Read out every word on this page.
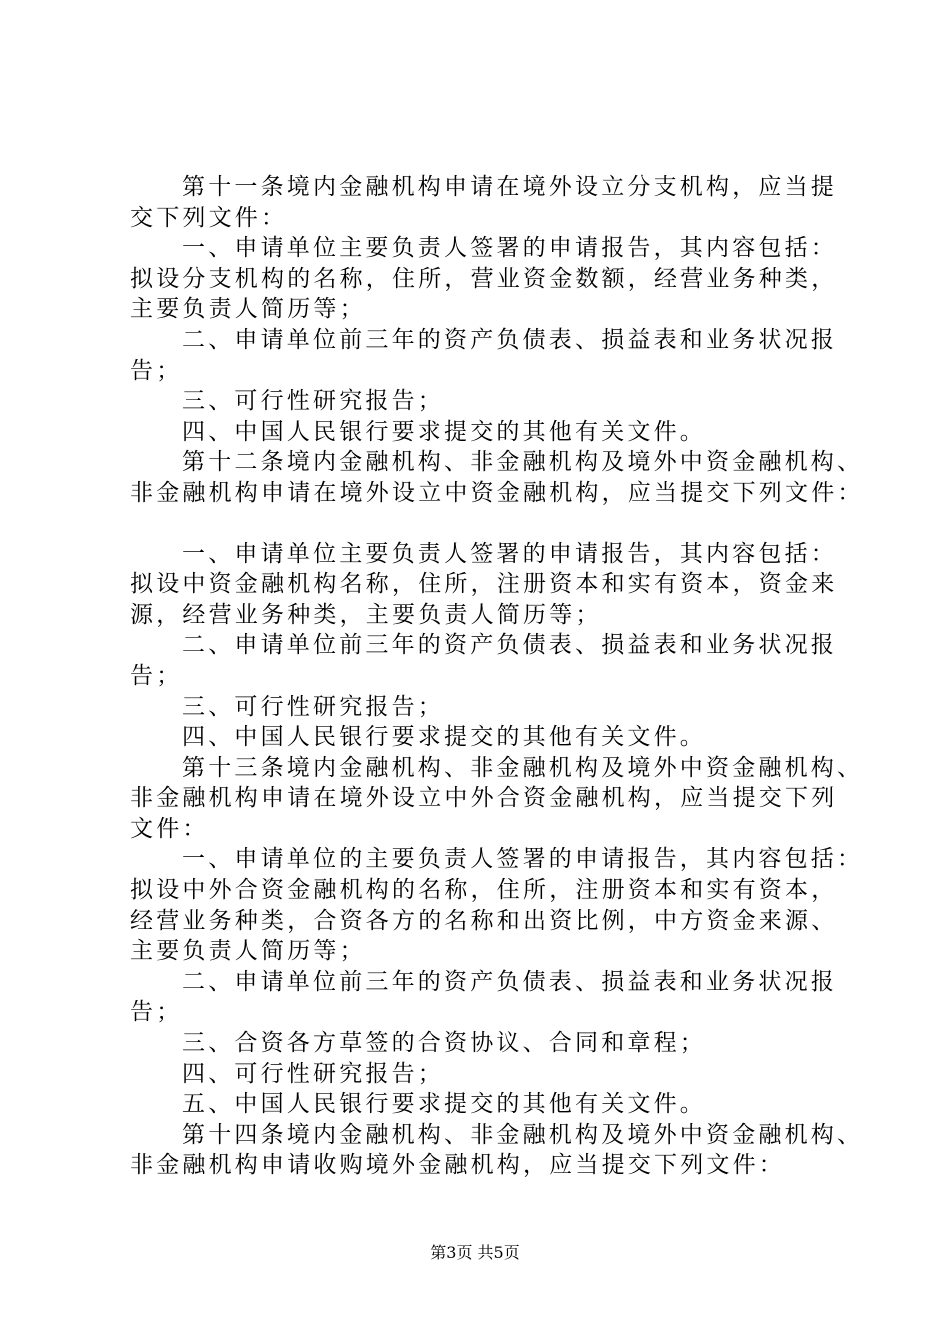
第十一条境内金融机构申请在境外设立分支机构，应当提
交下列文件：
一、申请单位主要负责人签署的申请报告，其内容包括：
拟设分支机构的名称，住所，营业资金数额，经营业务种类，
主要负责人简历等；
二、申请单位前三年的资产负债表、损益表和业务状况报
告；
三、可行性研究报告；
四、中国人民银行要求提交的其他有关文件。
第十二条境内金融机构、非金融机构及境外中资金融机构、
非金融机构申请在境外设立中资金融机构，应当提交下列文件：
一、申请单位主要负责人签署的申请报告，其内容包括：
拟设中资金融机构名称，住所，注册资本和实有资本，资金来
源，经营业务种类，主要负责人简历等；
二、申请单位前三年的资产负债表、损益表和业务状况报
告；
三、可行性研究报告；
四、中国人民银行要求提交的其他有关文件。
第十三条境内金融机构、非金融机构及境外中资金融机构、
非金融机构申请在境外设立中外合资金融机构，应当提交下列
文件：
一、申请单位的主要负责人签署的申请报告，其内容包括：
拟设中外合资金融机构的名称，住所，注册资本和实有资本，
经营业务种类，合资各方的名称和出资比例，中方资金来源、
主要负责人简历等；
二、申请单位前三年的资产负债表、损益表和业务状况报
告；
三、合资各方草签的合资协议、合同和章程；
四、可行性研究报告；
五、中国人民银行要求提交的其他有关文件。
第十四条境内金融机构、非金融机构及境外中资金融机构、
非金融机构申请收购境外金融机构，应当提交下列文件：
第3页 共5页
